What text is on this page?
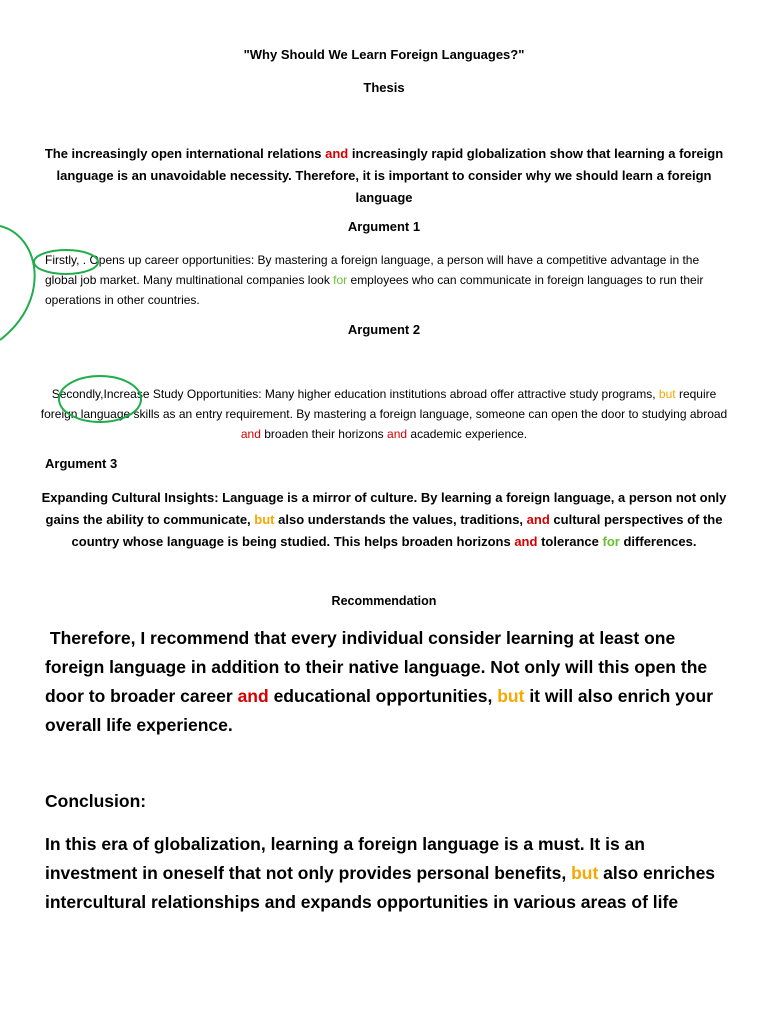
"Why Should We Learn Foreign Languages?"
Thesis
The increasingly open international relations and increasingly rapid globalization show that learning a foreign language is an unavoidable necessity. Therefore, it is important to consider why we should learn a foreign language
Argument 1
Firstly, . Opens up career opportunities: By mastering a foreign language, a person will have a competitive advantage in the global job market. Many multinational companies look for employees who can communicate in foreign languages to run their operations in other countries.
Argument 2
Secondly,Increase Study Opportunities: Many higher education institutions abroad offer attractive study programs, but require foreign language skills as an entry requirement. By mastering a foreign language, someone can open the door to studying abroad and broaden their horizons and academic experience.
Argument 3
Expanding Cultural Insights: Language is a mirror of culture. By learning a foreign language, a person not only gains the ability to communicate, but also understands the values, traditions, and cultural perspectives of the country whose language is being studied. This helps broaden horizons and tolerance for differences.
Recommendation
Therefore, I recommend that every individual consider learning at least one foreign language in addition to their native language. Not only will this open the door to broader career and educational opportunities, but it will also enrich your overall life experience.
Conclusion:
In this era of globalization, learning a foreign language is a must. It is an investment in oneself that not only provides personal benefits, but also enriches intercultural relationships and expands opportunities in various areas of life
